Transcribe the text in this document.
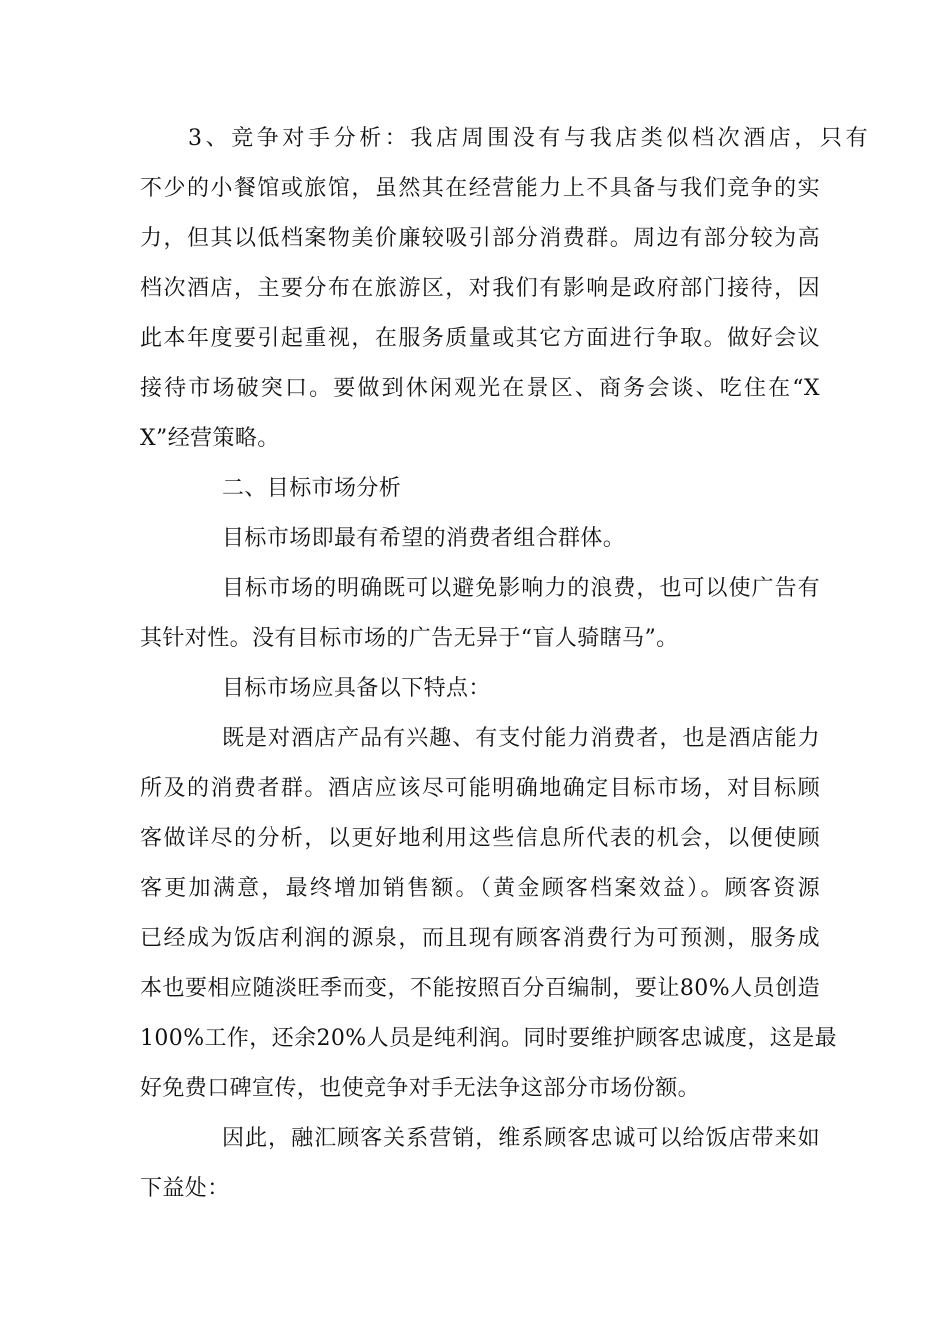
3、竞争对手分析：我店周围没有与我店类似档次酒店，只有
不少的小餐馆或旅馆，虽然其在经营能力上不具备与我们竞争的实
力，但其以低档案物美价廉较吸引部分消费群。周边有部分较为高
档次酒店，主要分布在旅游区，对我们有影响是政府部门接待，因
此本年度要引起重视，在服务质量或其它方面进行争取。做好会议
接待市场破突口。要做到休闲观光在景区、商务会谈、吃住在“X
X”经营策略。
二、目标市场分析
目标市场即最有希望的消费者组合群体。
目标市场的明确既可以避免影响力的浪费，也可以使广告有
其针对性。没有目标市场的广告无异于“盲人骑瞎马”。
目标市场应具备以下特点：
既是对酒店产品有兴趣、有支付能力消费者，也是酒店能力
所及的消费者群。酒店应该尽可能明确地确定目标市场，对目标顾
客做详尽的分析，以更好地利用这些信息所代表的机会，以便使顾
客更加满意，最终增加销售额。（黄金顾客档案效益）。顾客资源
已经成为饭店利润的源泉，而且现有顾客消费行为可预测，服务成
本也要相应随淡旺季而变，不能按照百分百编制，要让80%人员创造
100%工作，还余20%人员是纯利润。同时要维护顾客忠诚度，这是最
好免费口碑宣传，也使竞争对手无法争这部分市场份额。
因此，融汇顾客关系营销，维系顾客忠诚可以给饭店带来如
下益处：
